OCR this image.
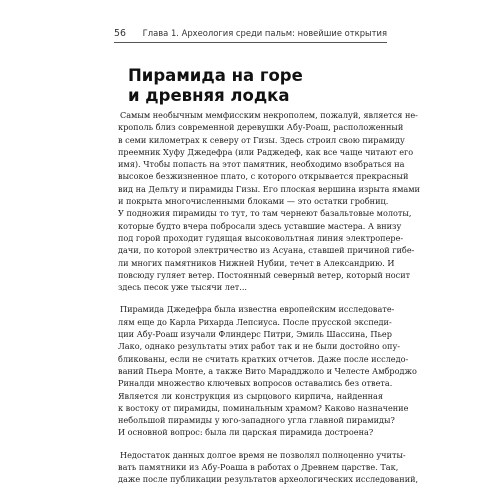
56 Глава 1. Археология среди пальм: новейшие открытия
Пирамида на горе
и древняя лодка
Самым необычным мемфисским некрополем, пожалуй, является не-
крополь близ современной деревушки Абу-Роаш, расположенный
в семи километрах к северу от Гизы. Здесь строил свою пирамиду
преемник Хуфу Джедефра (или Раджедеф, как все чаще читают его
имя). Чтобы попасть на этот памятник, необходимо взобраться на
высокое безжизненное плато, с которого открывается прекрасный
вид на Дельту и пирамиды Гизы. Его плоская вершина изрыта ямами
и покрыта многочисленными блоками — это остатки гробниц.
У подножия пирамиды то тут, то там чернеют базальтовые молоты,
которые будто вчера побросали здесь уставшие мастера. А внизу
под горой проходит гудящая высоковольтная линия электропере-
дачи, по которой электричество из Асуана, ставшей причиной гибе-
ли многих памятников Нижней Нубии, течет в Александрию. И
повсюду гуляет ветер. Постоянный северный ветер, который носит
здесь песок уже тысячи лет...
Пирамида Джедефра была известна европейским исследовате-
лям еще до Карла Рихарда Лепсиуса. После прусской экспеди-
ции Абу-Роаш изучали Флиндерс Питри, Эмиль Шассина, Пьер
Лако, однако результаты этих работ так и не были достойно опу-
бликованы, если не считать кратких отчетов. Даже после исследо-
ваний Пьера Монте, а также Вито Марадджоло и Челесте Амброджо
Риналди множество ключевых вопросов оставались без ответа.
Является ли конструкция из сырцового кирпича, найденная
к востоку от пирамиды, поминальным храмом? Каково назначение
небольшой пирамиды у юго-западного угла главной пирамиды?
И основной вопрос: была ли царская пирамида достроена?
Недостаток данных долгое время не позволял полноценно учиты-
вать памятники из Абу-Роаша в работах о Древнем царстве. Так,
даже после публикации результатов археологических исследований,
